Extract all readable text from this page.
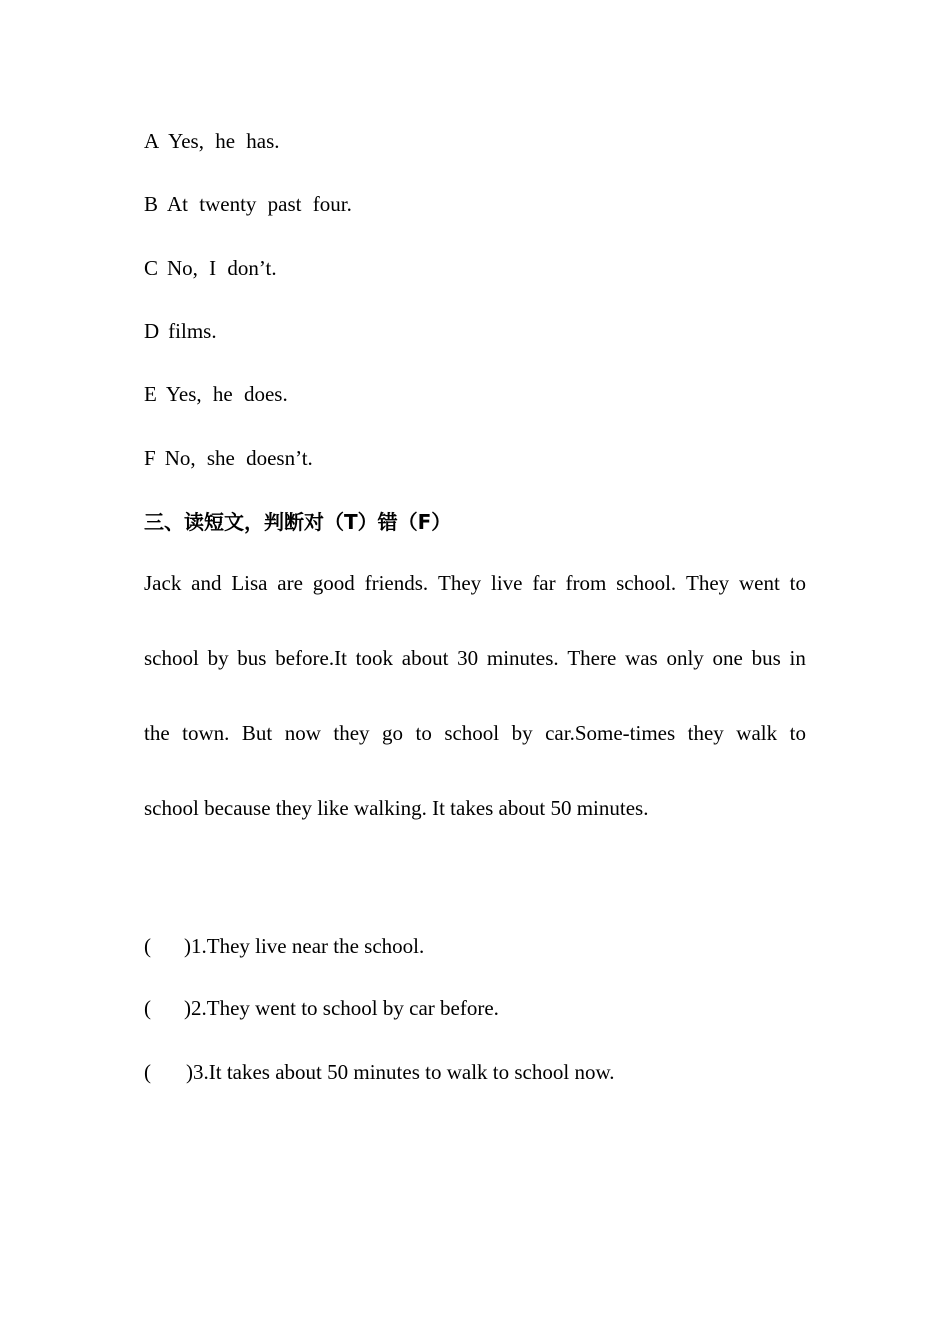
A Yes, he has.
B At twenty past four.
C No, I don’t.
D films.
E Yes, he does.
F No, she doesn’t.
三、读短文，判断对（T）错（F）
Jack and Lisa are good friends. They live far from school. They went to
school by bus before.It took about 30 minutes. There was only one bus in
the town. But now they go to school by car.Some-times they walk to
school because they like walking. It takes about 50 minutes.
( )1.They live near the school.
( )2.They went to school by car before.
( )3.It takes about 50 minutes to walk to school now.
